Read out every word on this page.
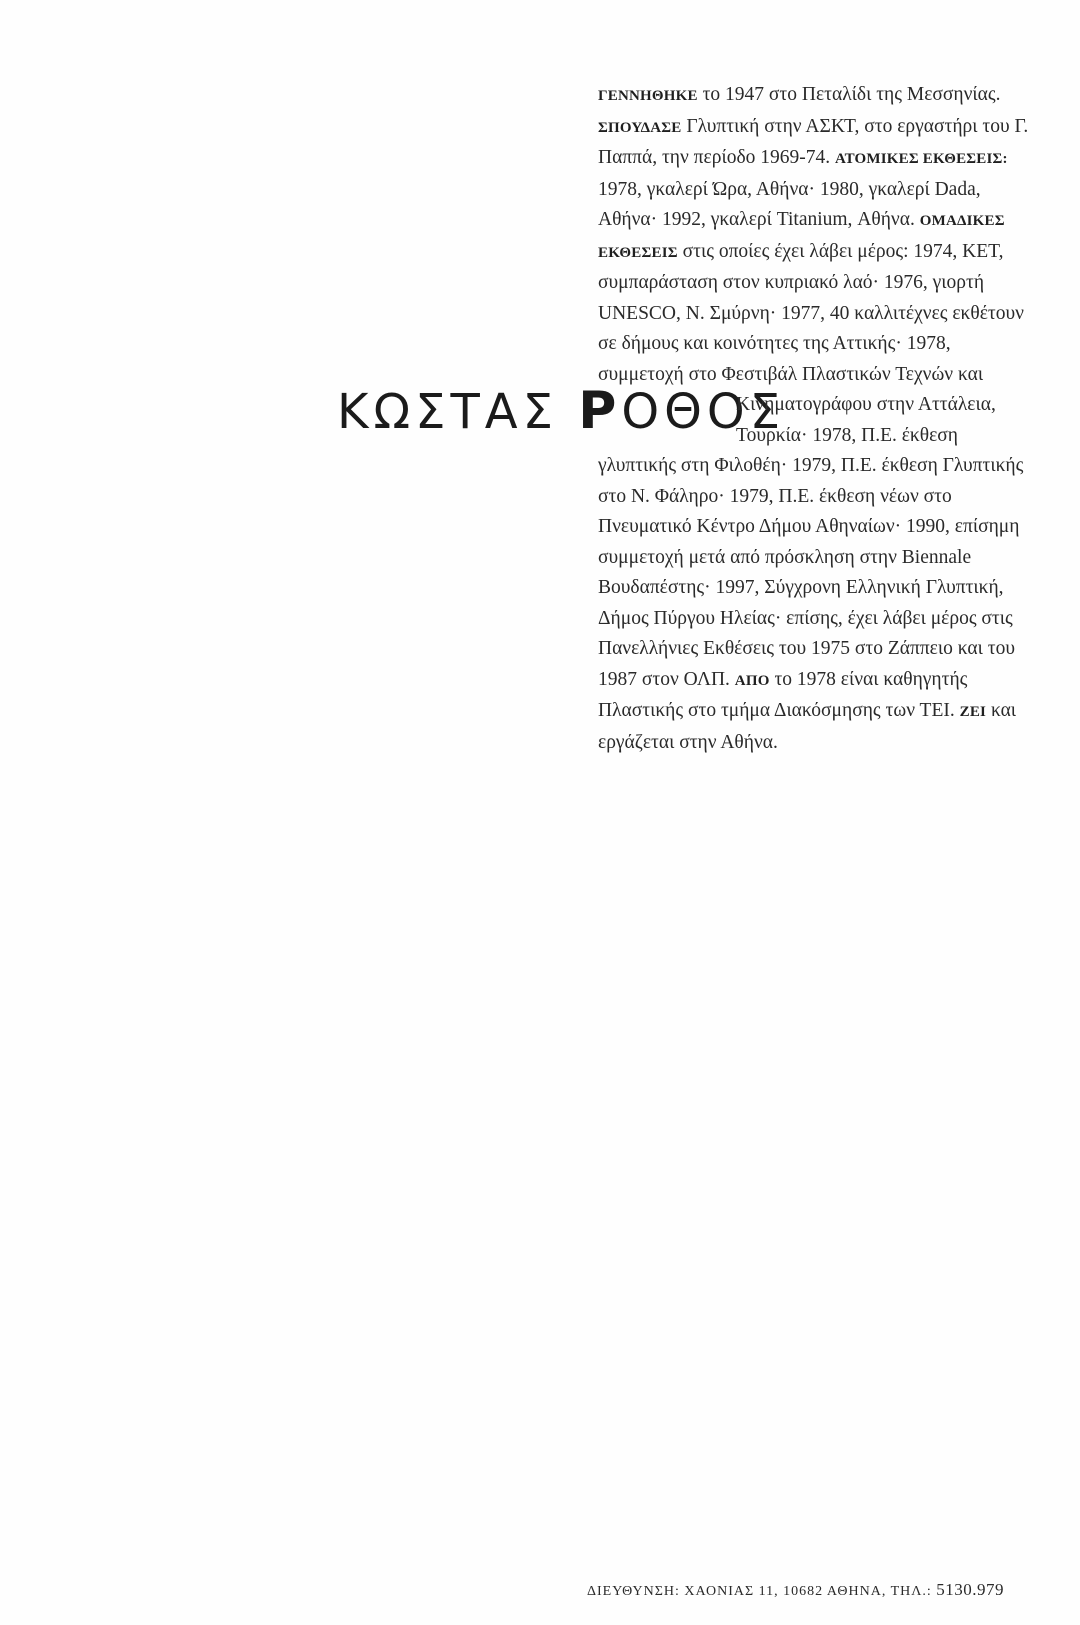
ΚΩΣΤΑΣ ΡΟΘΟΣ
ΓΕΝΝΗΘΗΚΕ το 1947 στο Πεταλίδι της Μεσσηνίας.
ΣΠΟΥΔΑΣΕ Γλυπτική στην ΑΣΚΤ, στο εργαστήρι του Γ.
Παππά, την περίοδο 1969-74. ΑΤΟΜΙΚΕΣ ΕΚΘΕΣΕΙΣ:
1978, γκαλερί Ώρα, Αθήνα· 1980, γκαλερί Dada,
Αθήνα· 1992, γκαλερί Titanium, Αθήνα. ΟΜΑΔΙΚΕΣ
ΕΚΘΕΣΕΙΣ στις οποίες έχει λάβει μέρος: 1974, ΚΕΤ,
συμπαράσταση στον κυπριακό λαό· 1976, γιορτή
UNESCO, Ν. Σμύρνη· 1977, 40 καλλιτέχνες εκθέτουν
σε δήμους και κοινότητες της Αττικής· 1978,
συμμετοχή στο Φεστιβάλ Πλαστικών Τεχνών και
Κινηματογράφου στην Αττάλεια,
Τουρκία· 1978, Π.Ε. έκθεση
γλυπτικής στη Φιλοθέη· 1979, Π.Ε. έκθεση Γλυπτικής
στο Ν. Φάληρο· 1979, Π.Ε. έκθεση νέων στο
Πνευματικό Κέντρο Δήμου Αθηναίων· 1990, επίσημη
συμμετοχή μετά από πρόσκληση στην Biennale
Βουδαπέστης· 1997, Σύγχρονη Ελληνική Γλυπτική,
Δήμος Πύργου Ηλείας· επίσης, έχει λάβει μέρος στις
Πανελλήνιες Εκθέσεις του 1975 στο Ζάππειο και του
1987 στον ΟΛΠ. ΑΠΟ το 1978 είναι καθηγητής
Πλαστικής στο τμήμα Διακόσμησης των ΤΕΙ. ΖΕΙ και
εργάζεται στην Αθήνα.
ΔΙΕΥΘΥΝΣΗ: ΧΑΟΝΙΑΣ 11, 10682 ΑΘΗΝΑ, ΤΗΛ.: 5130.979
